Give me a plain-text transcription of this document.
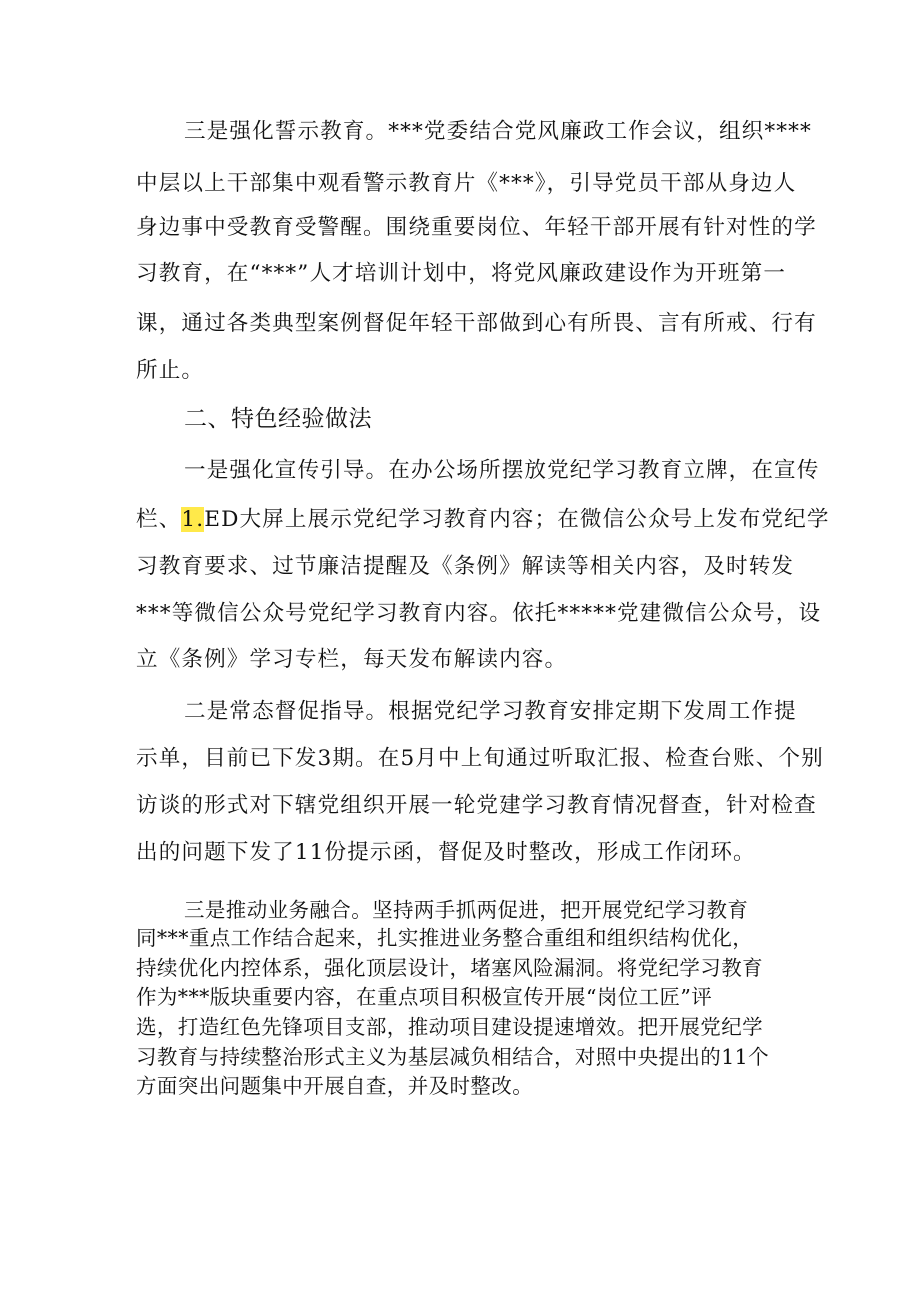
三是强化誓示教育。***党委结合党风廉政工作会议，组织****
中层以上干部集中观看警示教育片《***》，引导党员干部从身边人
身边事中受教育受警醒。围绕重要岗位、年轻干部开展有针对性的学
习教育，在“***”人才培训计划中，将党风廉政建设作为开班第一
课，通过各类典型案例督促年轻干部做到心有所畏、言有所戒、行有
所止。
二、特色经验做法
一是强化宣传引导。在办公场所摆放党纪学习教育立牌，在宣传
栏、1.ED大屏上展示党纪学习教育内容；在微信公众号上发布党纪学
习教育要求、过节廉洁提醒及《条例》解读等相关内容，及时转发
***等微信公众号党纪学习教育内容。依托*****党建微信公众号，设
立《条例》学习专栏，每天发布解读内容。
二是常态督促指导。根据党纪学习教育安排定期下发周工作提
示单，目前已下发3期。在5月中上旬通过听取汇报、检查台账、个别
访谈的形式对下辖党组织开展一轮党建学习教育情况督查，针对检查
出的问题下发了11份提示函，督促及时整改，形成工作闭环。
三是推动业务融合。坚持两手抓两促进，把开展党纪学习教育
同***重点工作结合起来，扎实推进业务整合重组和组织结构优化，
持续优化内控体系，强化顶层设计，堵塞风险漏洞。将党纪学习教育
作为***版块重要内容，在重点项目积极宣传开展“岗位工匠”评
选，打造红色先锋项目支部，推动项目建设提速增效。把开展党纪学
习教育与持续整治形式主义为基层减负相结合，对照中央提出的11个
方面突出问题集中开展自查，并及时整改。
